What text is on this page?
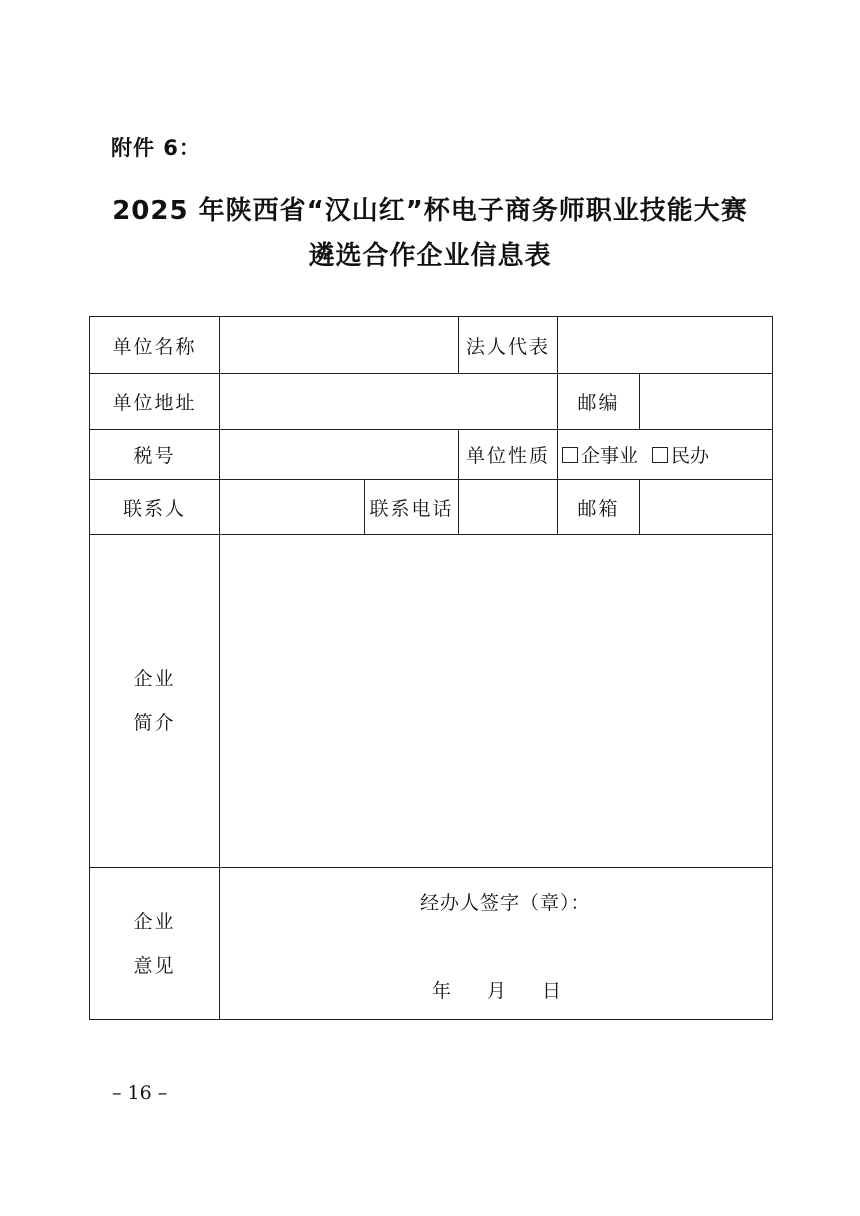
附件 6：
2025 年陕西省“汉山红”杯电子商务师职业技能大赛
遴选合作企业信息表
单位名称			法人代表		
单位地址				邮编	
税号			单位性质	企事业 民办	
联系人		联系电话		邮箱	

企业
简介					

企业
意见	经办人签字（章）：
年 月 日				
– 16 –
